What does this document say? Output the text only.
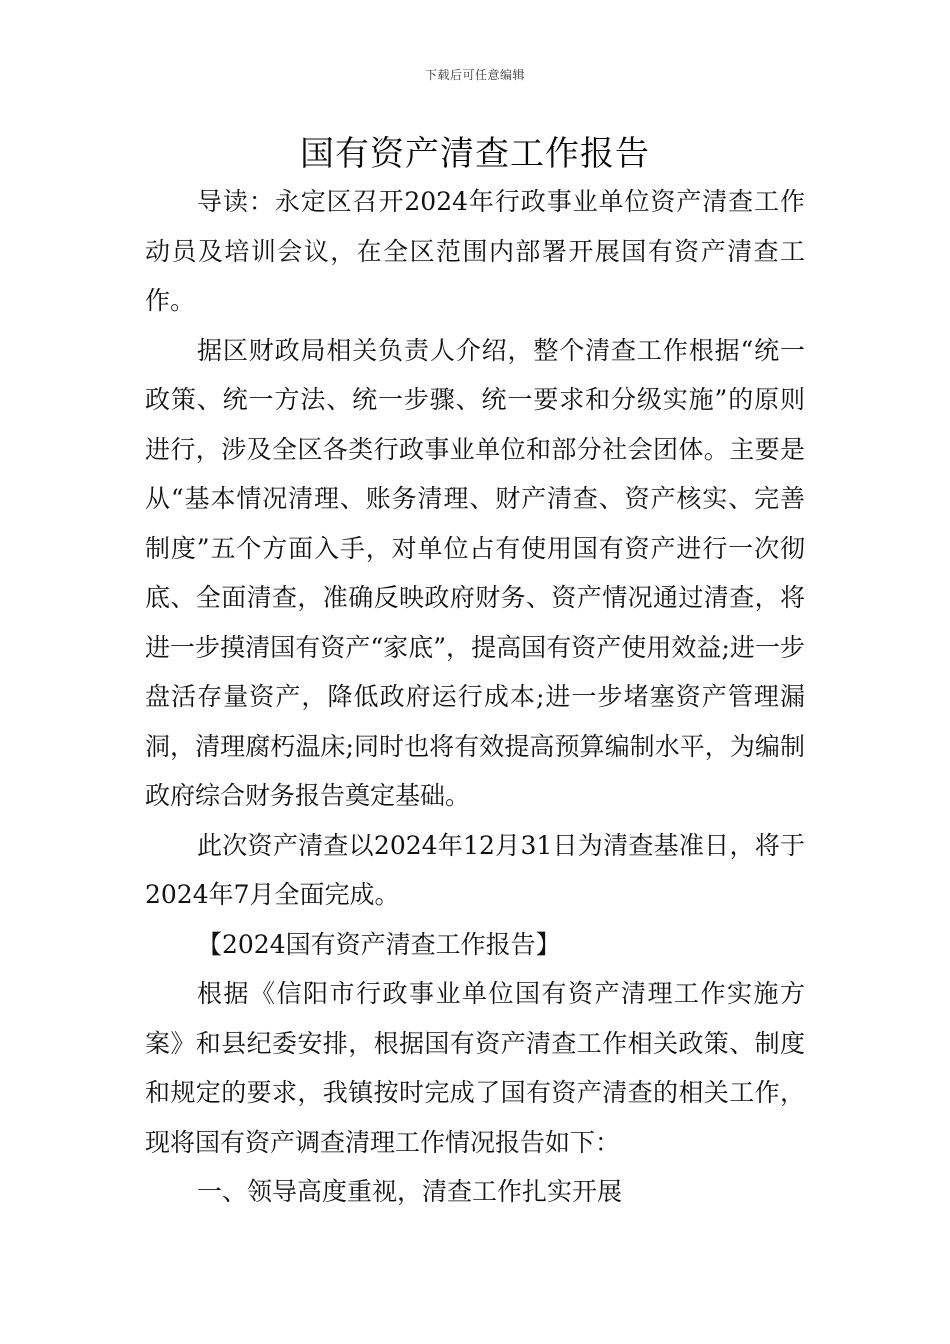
下载后可任意编辑
国有资产清查工作报告

导读：永定区召开2024年行政事业单位资产清查工作动员及培训会议，在全区范围内部署开展国有资产清查工作。

据区财政局相关负责人介绍，整个清查工作根据“统一政策、统一方法、统一步骤、统一要求和分级实施”的原则进行，涉及全区各类行政事业单位和部分社会团体。主要是从“基本情况清理、账务清理、财产清查、资产核实、完善制度”五个方面入手，对单位占有使用国有资产进行一次彻底、全面清查，准确反映政府财务、资产情况通过清查，将进一步摸清国有资产“家底”，提高国有资产使用效益;进一步盘活存量资产，降低政府运行成本;进一步堵塞资产管理漏洞，清理腐朽温床;同时也将有效提高预算编制水平，为编制政府综合财务报告奠定基础。

此次资产清查以2024年12月31日为清查基准日，将于2024年7月全面完成。

【2024国有资产清查工作报告】

根据《信阳市行政事业单位国有资产清理工作实施方案》和县纪委安排，根据国有资产清查工作相关政策、制度和规定的要求，我镇按时完成了国有资产清查的相关工作，现将国有资产调查清理工作情况报告如下：

一、领导高度重视，清查工作扎实开展
